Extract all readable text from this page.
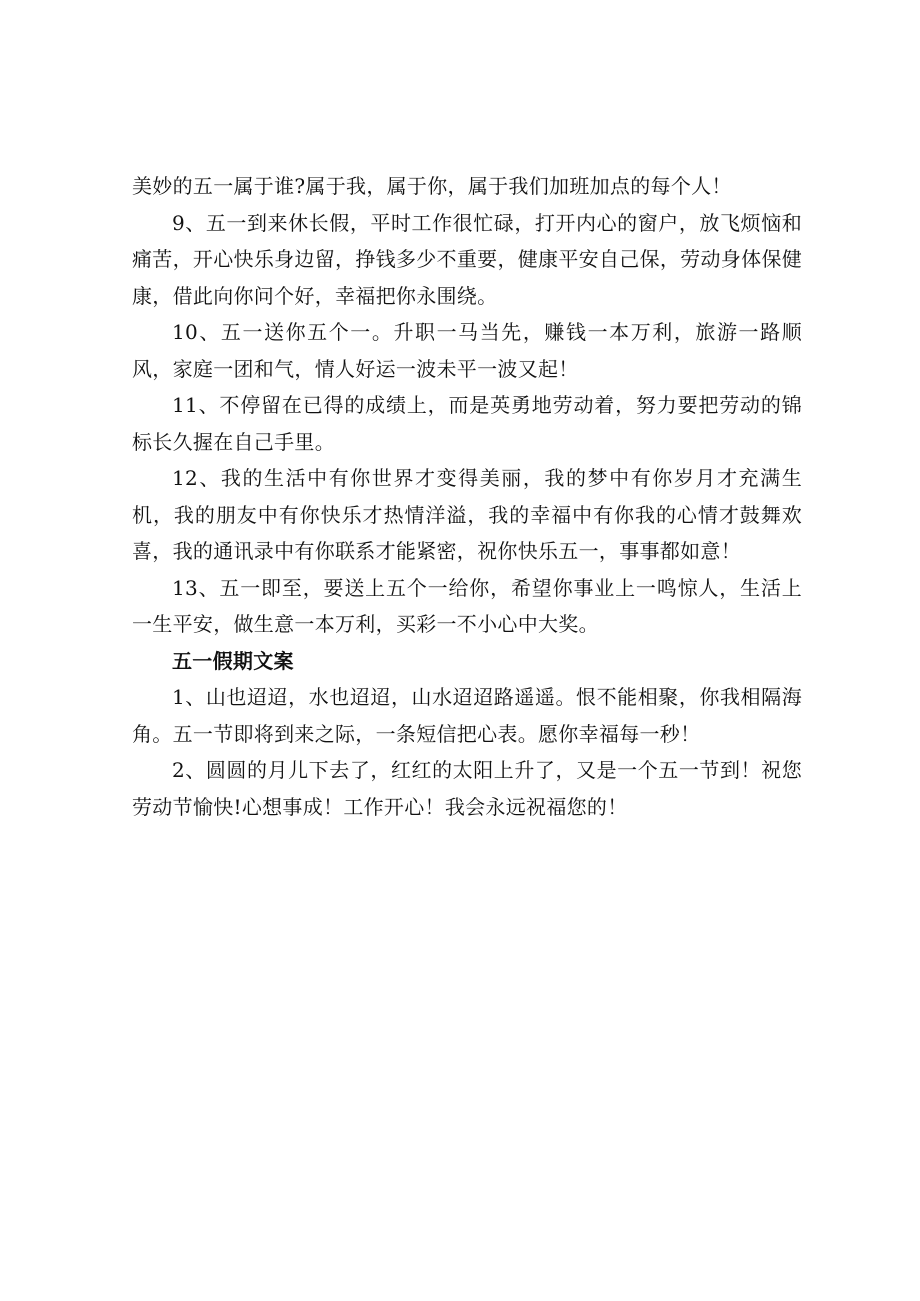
美妙的五一属于谁?属于我，属于你，属于我们加班加点的每个人！

9、五一到来休长假，平时工作很忙碌，打开内心的窗户，放飞烦恼和痛苦，开心快乐身边留，挣钱多少不重要，健康平安自己保，劳动身体保健康，借此向你问个好，幸福把你永围绕。

10、五一送你五个一。升职一马当先，赚钱一本万利，旅游一路顺风，家庭一团和气，情人好运一波未平一波又起！

11、不停留在已得的成绩上，而是英勇地劳动着，努力要把劳动的锦标长久握在自己手里。

12、我的生活中有你世界才变得美丽，我的梦中有你岁月才充满生机，我的朋友中有你快乐才热情洋溢，我的幸福中有你我的心情才鼓舞欢喜，我的通讯录中有你联系才能紧密，祝你快乐五一，事事都如意！

13、五一即至，要送上五个一给你，希望你事业上一鸣惊人，生活上一生平安，做生意一本万利，买彩一不小心中大奖。

五一假期文案

1、山也迢迢，水也迢迢，山水迢迢路遥遥。恨不能相聚，你我相隔海角。五一节即将到来之际，一条短信把心表。愿你幸福每一秒！

2、圆圆的月儿下去了，红红的太阳上升了，又是一个五一节到！祝您劳动节愉快!心想事成！工作开心！我会永远祝福您的！
